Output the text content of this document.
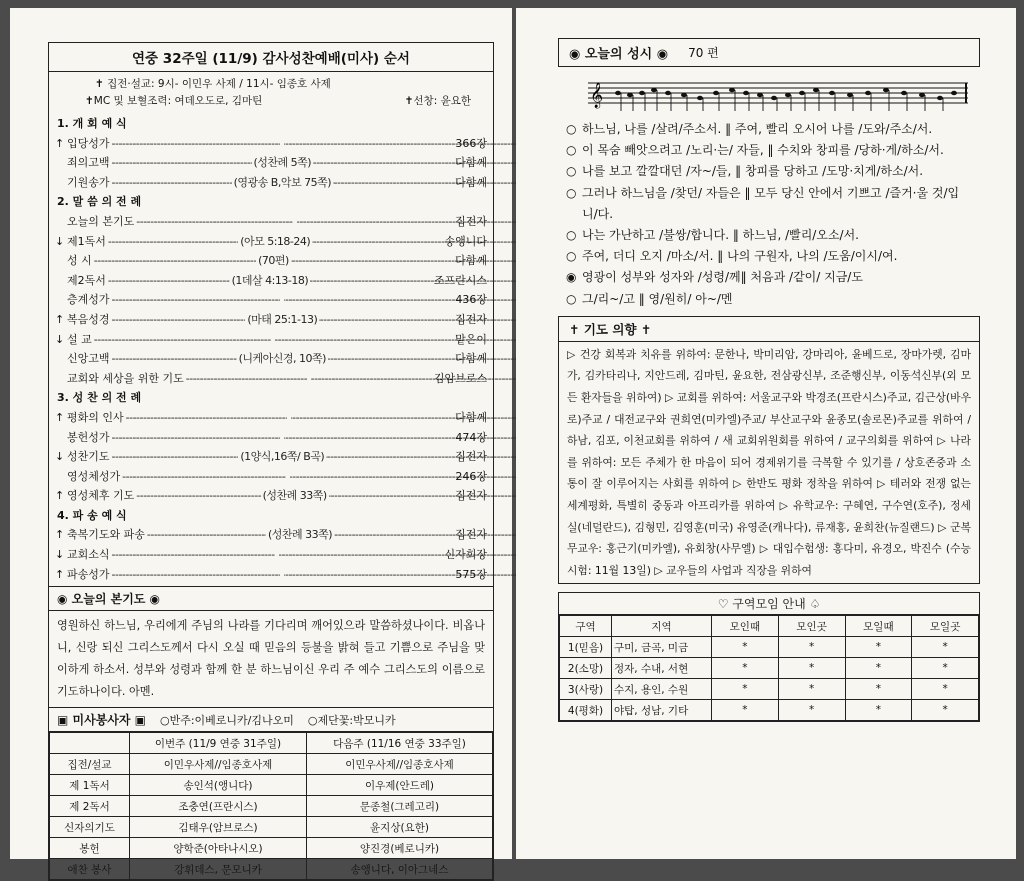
연중 32주일 (11/9) 감사성찬예배(미사) 순서
✝ 집전·설교: 9시- 이민우 사제 / 11시- 임종호 사제
✝MC 및 보혈조력: 여데오도로, 김마틴	✝선창: 윤요한
1. 개 회 예 식
↑ 입당성가 -----	366장
죄의고백	----- (성찬례 5쪽)	다함께
기원송가	----- (영광송 B,악보 75쪽)	다함께
2. 말 씀 의 전 례
오늘의 본기도 -----	집전자
↓ 제1독서	----- (아모 5:18-24)	송앵니다
성 시	----- (70편)	다함께
제2독서	----- (1데살 4:13-18)	조프란시스
층계성가 -----	436장
↑ 복음성경	----- (마태 25:1-13)	집전자
↓ 설 교 -----	맡은이
신앙고백	----- (니케아신경, 10쪽)	다함께
교회와 세상을 위한 기도 -----	김암브로스
3. 성 찬 의 전 례
↑ 평화의 인사 -----	다함께
봉헌성가 -----	474장
↓ 성찬기도	----- (1양식,16쪽/ B곡)	집전자
영성체성가 -----	246장
↑ 영성체후 기도	----- (성찬례 33쪽)	집전자
4. 파 송 예 식
↑ 축복기도와 파송	----- (성찬례 33쪽)	집전자
↓ 교회소식 -----	신자회장
↑ 파송성가 -----	575장
◉ 오늘의 본기도 ◉
영원하신 하느님, 우리에게 주님의 나라를 기다리며 깨어있으라 말씀하셨나이다. 비옵나니, 신랑 되신 그리스도께서 다시 오실 때 믿음의 등불을 밝혀 들고 기쁨으로 주님을 맞이하게 하소서. 성부와 성령과 함께 한 분 하느님이신 우리 주 예수 그리스도의 이름으로 기도하나이다. 아멘.
▣ 미사봉사자 ▣ ○반주:이베로니카/김나오미 ○제단꽃:박모니카
	이번주 (11/9 연중 31주일)	다음주 (11/16 연중 33주일)
집전/설교	이민우사제//임종호사제	이민우사제//임종호사제
제 1독서	송인석(앵니다)	이우제(안드레)
제 2독서	조충연(프란시스)	문종철(그레고리)
신자의기도	김태우(암브로스)	윤지상(요한)
봉헌	양학준(아타나시오)	양진경(베로니카)
애찬 봉사	강휘데스, 문모니카	송앵니다, 이아그네스
◉ 오늘의 성시 ◉ 70 편
𝄞
○ 하느님, 나를 /살려/주소서. ‖ 주여, 빨리 오시어 나를 /도와/주소/서.
○ 이 목숨 빼앗으려고 /노리·는/ 자들, ‖ 수치와 창피를 /당하·게/하소/서.
○ 나를 보고 깔깔대던 /자~/들, ‖ 창피를 당하고 /도망·치게/하소/서.
○ 그러나 하느님을 /찾던/ 자들은 ‖ 모두 당신 안에서 기쁘고 /즐거·울 것/입니/다.
○ 나는 가난하고 /불쌍/합니다. ‖ 하느님, /빨리/오소/서.
○ 주여, 더디 오지 /마소/서. ‖ 나의 구원자, 나의 /도움/이시/여.
◉ 영광이 성부와 성자와 /성령/께‖ 처음과 /같이/ 지금/도
○ 그/리~/고 ‖ 영/원히/ 아~/멘
✝ 기도 의향 ✝
▷ 건강 회복과 치유를 위하여: 문한나, 박미리암, 강마리아, 윤베드로, 장마가렛, 김마가, 김카타리나, 지안드레, 김마틴, 윤요한, 전삼광신부, 조준행신부, 이동석신부(외 모든 환자들을 위하여) ▷ 교회를 위하여: 서울교구와 박경조(프란시스)주교, 김근상(바우로)주교 / 대전교구와 권희연(미카엘)주교/ 부산교구와 윤종모(솔로몬)주교를 위하여 / 하남, 김포, 이천교회를 위하여 / 새 교회위원회를 위하여 / 교구의회를 위하여 ▷ 나라를 위하여: 모든 주체가 한 마음이 되어 경제위기를 극복할 수 있기를 / 상호존중과 소통이 잘 이루어지는 사회를 위하여 ▷ 한반도 평화 정착을 위하여 ▷ 테러와 전쟁 없는 세계평화, 특별히 중동과 아프리카를 위하여 ▷ 유학교우: 구혜연, 구수연(호주), 정세실(네덜란드), 김형민, 김영훈(미국) 유영준(캐나다), 류재홍, 윤희찬(뉴질랜드) ▷ 군복무교우: 홍근기(미카엘), 유회창(사무엘) ▷ 대입수험생: 홍다미, 유경오, 박진수 (수능시험: 11월 13일) ▷ 교우들의 사업과 직장을 위하여
♡ 구역모임 안내 ♤
구역	지역	모인때	모인곳	모일때	모일곳
1(믿음)	구미, 금곡, 미금	*	*	*	*
2(소망)	정자, 수내, 서현	*	*	*	*
3(사랑)	수지, 용인, 수원	*	*	*	*
4(평화)	야탑, 성남, 기타	*	*	*	*
